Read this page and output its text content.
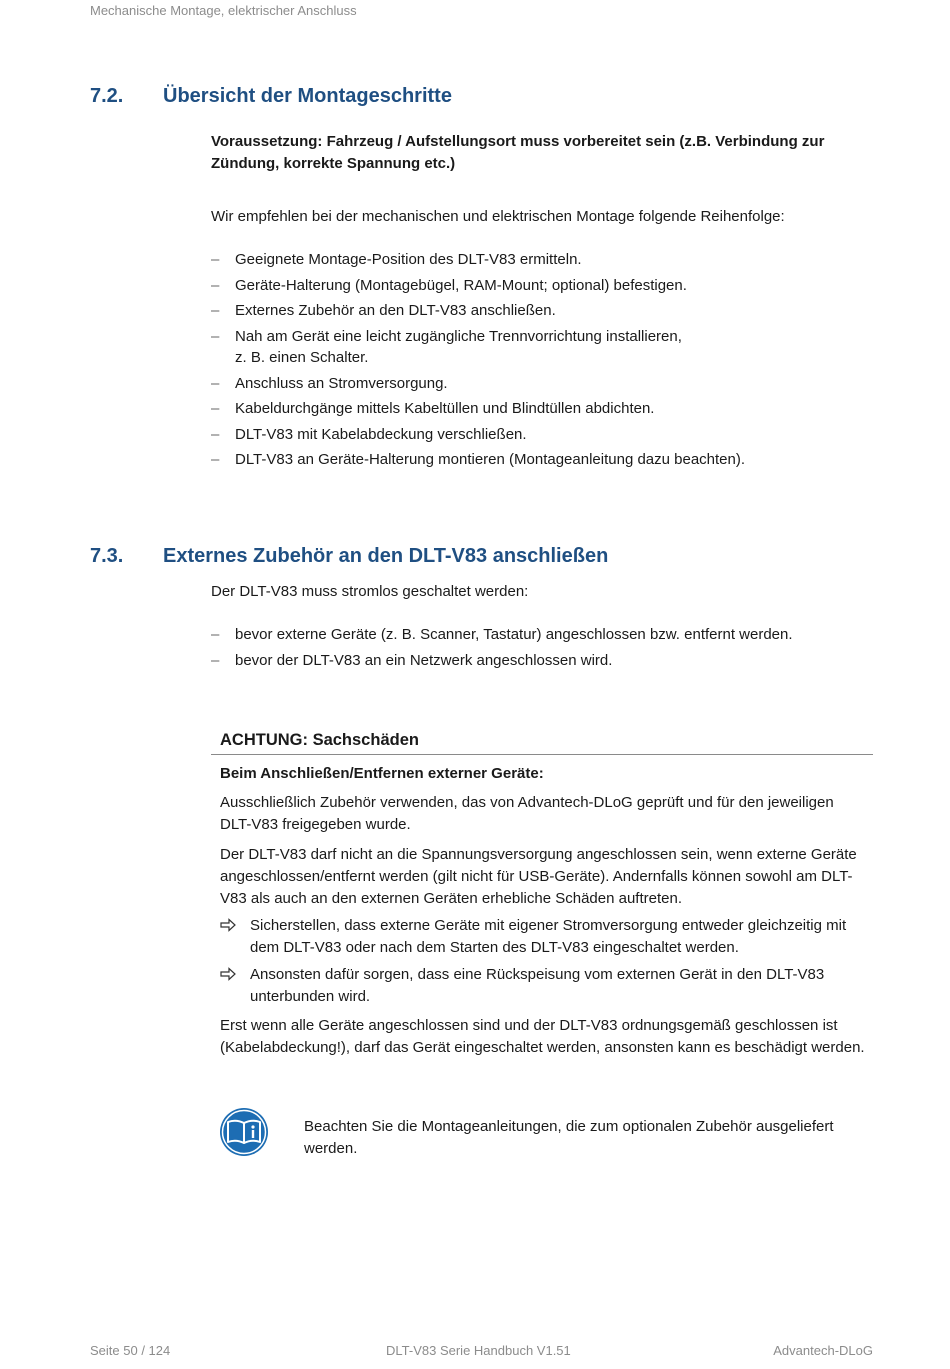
Mechanische Montage, elektrischer Anschluss
7.2. Übersicht der Montageschritte
Voraussetzung: Fahrzeug / Aufstellungsort muss vorbereitet sein (z.B. Verbindung zur Zündung, korrekte Spannung etc.)
Wir empfehlen bei der mechanischen und elektrischen Montage folgende Reihenfolge:
– Geeignete Montage-Position des DLT-V83 ermitteln.
– Geräte-Halterung (Montagebügel, RAM-Mount; optional) befestigen.
– Externes Zubehör an den DLT-V83 anschließen.
– Nah am Gerät eine leicht zugängliche Trennvorrichtung installieren,
z. B. einen Schalter.
– Anschluss an Stromversorgung.
– Kabeldurchgänge mittels Kabeltüllen und Blindtüllen abdichten.
– DLT-V83 mit Kabelabdeckung verschließen.
– DLT-V83 an Geräte-Halterung montieren (Montageanleitung dazu beachten).
7.3. Externes Zubehör an den DLT-V83 anschließen
Der DLT-V83 muss stromlos geschaltet werden:
– bevor externe Geräte (z. B. Scanner, Tastatur) angeschlossen bzw. entfernt werden.
– bevor der DLT-V83 an ein Netzwerk angeschlossen wird.
ACHTUNG: Sachschäden
Beim Anschließen/Entfernen externer Geräte:
Ausschließlich Zubehör verwenden, das von Advantech-DLoG geprüft und für den jeweiligen DLT-V83 freigegeben wurde.
Der DLT-V83 darf nicht an die Spannungsversorgung angeschlossen sein, wenn externe Geräte angeschlossen/entfernt werden (gilt nicht für USB-Geräte). Andernfalls können sowohl am DLT-V83 als auch an den externen Geräten erhebliche Schäden auftreten.
Sicherstellen, dass externe Geräte mit eigener Stromversorgung entweder gleichzeitig mit dem DLT-V83 oder nach dem Starten des DLT-V83 eingeschaltet werden.
Ansonsten dafür sorgen, dass eine Rückspeisung vom externen Gerät in den DLT-V83 unterbunden wird.
Erst wenn alle Geräte angeschlossen sind und der DLT-V83 ordnungsgemäß geschlossen ist (Kabelabdeckung!), darf das Gerät eingeschaltet werden, ansonsten kann es beschädigt werden.
Beachten Sie die Montageanleitungen, die zum optionalen Zubehör ausgeliefert werden.
Seite 50 / 124	DLT-V83 Serie Handbuch V1.51	Advantech-DLoG
